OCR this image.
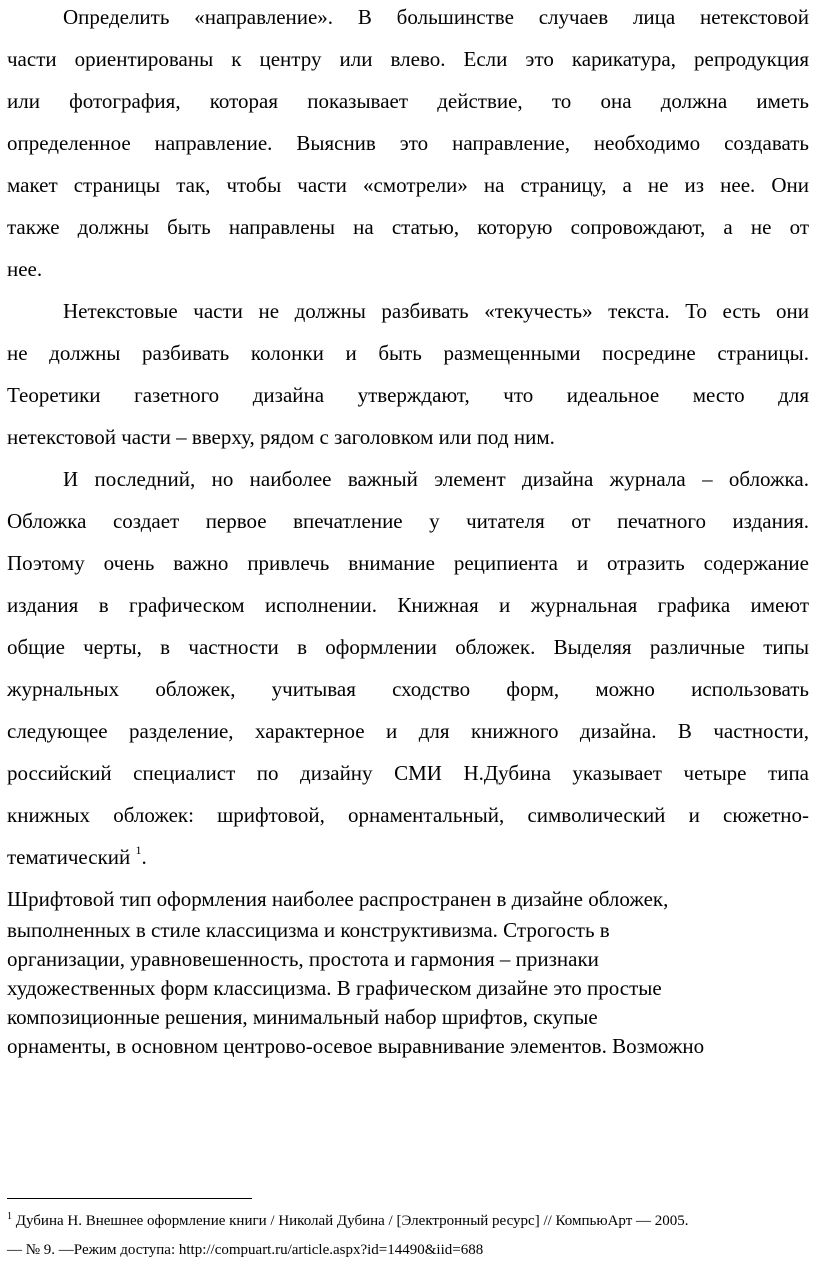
Определить «направление». В большинстве случаев лица нетекстовой
части ориентированы к центру или влево. Если это карикатура, репродукция
или фотография, которая показывает действие, то она должна иметь
определенное направление. Выяснив это направление, необходимо создавать
макет страницы так, чтобы части «смотрели» на страницу, а не из нее. Они
также должны быть направлены на статью, которую сопровождают, а не от
нее.
Нетекстовые части не должны разбивать «текучесть» текста. То есть они
не должны разбивать колонки и быть размещенными посредине страницы.
Теоретики газетного дизайна утверждают, что идеальное место для
нетекстовой части – вверху, рядом с заголовком или под ним.
И последний, но наиболее важный элемент дизайна журнала – обложка.
Обложка создает первое впечатление у читателя от печатного издания.
Поэтому очень важно привлечь внимание реципиента и отразить содержание
издания в графическом исполнении. Книжная и журнальная графика имеют
общие черты, в частности в оформлении обложек. Выделяя различные типы
журнальных обложек, учитывая сходство форм, можно использовать
следующее разделение, характерное и для книжного дизайна. В частности,
российский специалист по дизайну СМИ Н.Дубина указывает четыре типа
книжных обложек: шрифтовой, орнаментальный, символический и сюжетно-
тематический $^1$.
Шрифтовой тип оформления наиболее распространен в дизайне обложек,
выполненных в стиле классицизма и конструктивизма. Строгость в
организации, уравновешенность, простота и гармония – признаки
художественных форм классицизма. В графическом дизайне это простые
композиционные решения, минимальный набор шрифтов, скупые
орнаменты, в основном центрово-осевое выравнивание элементов. Возможно
$^1$ Дубина Н. Внешнее оформление книги / Николай Дубина / [Электронный ресурс] // КомпьюАрт — 2005.
— № 9. —Режим доступа: http://compuart.ru/article.aspx?id=14490&iid=688
